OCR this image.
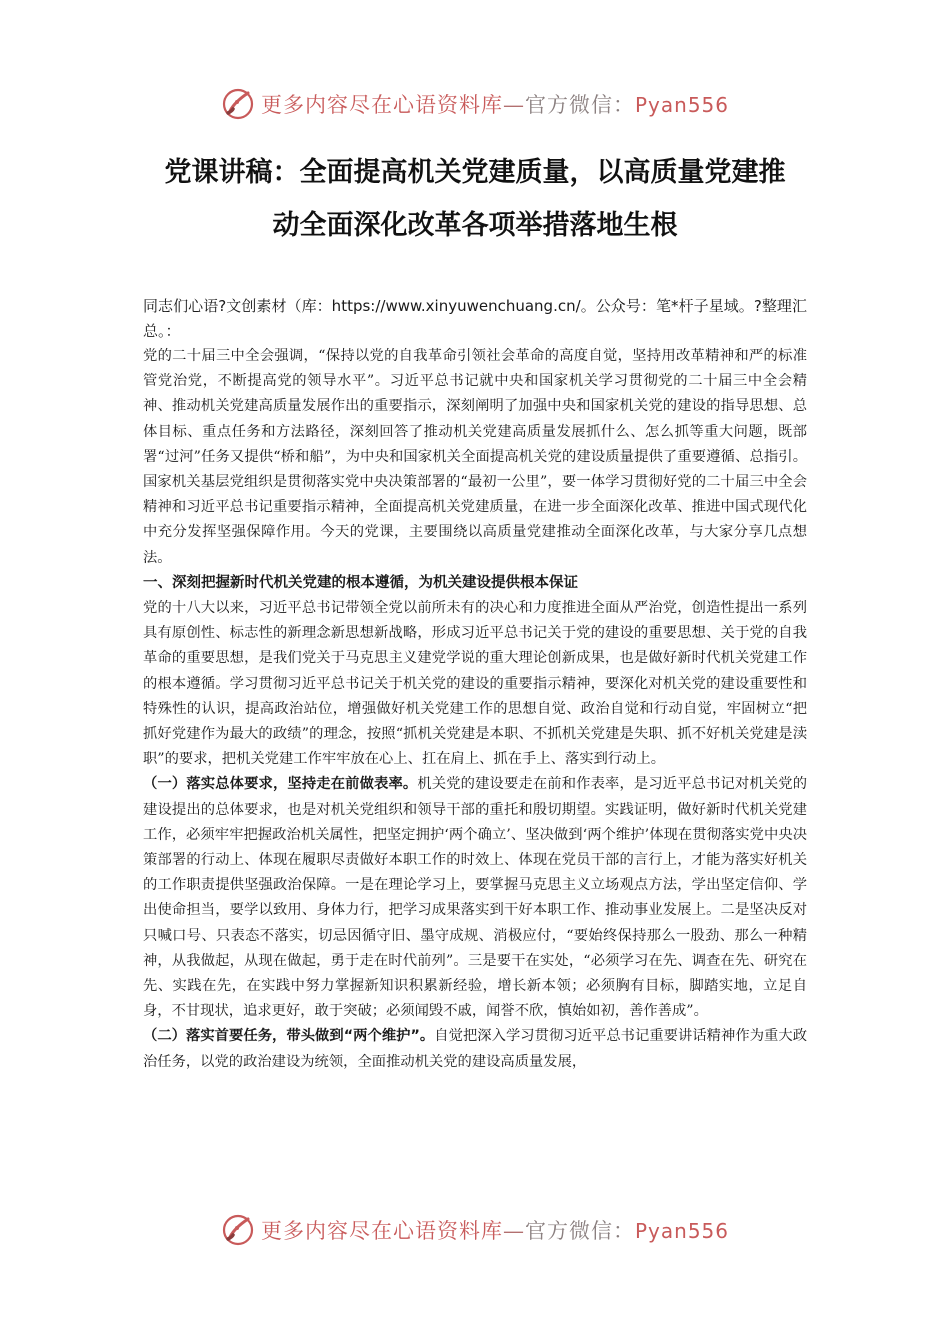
更多内容尽在心语资料库—官方微信：Pyan556
党课讲稿：全面提高机关党建质量，以高质量党建推
动全面深化改革各项举措落地生根

同志们心语?文创素材（库：https://www.xinyuwenchuang.cn/。公众号：笔*杆子星域。?整理汇总。：

党的二十届三中全会强调，“保持以党的自我革命引领社会革命的高度自觉，坚持用改革精神和严的标准管党治党，不断提高党的领导水平”。习近平总书记就中央和国家机关学习贯彻党的二十届三中全会精神、推动机关党建高质量发展作出的重要指示，深刻阐明了加强中央和国家机关党的建设的指导思想、总体目标、重点任务和方法路径，深刻回答了推动机关党建高质量发展抓什么、怎么抓等重大问题，既部署“过河”任务又提供“桥和船”，为中央和国家机关全面提高机关党的建设质量提供了重要遵循、总指引。国家机关基层党组织是贯彻落实党中央决策部署的“最初一公里”，要一体学习贯彻好党的二十届三中全会精神和习近平总书记重要指示精神，全面提高机关党建质量，在进一步全面深化改革、推进中国式现代化中充分发挥坚强保障作用。今天的党课，主要围绕以高质量党建推动全面深化改革，与大家分享几点想法。

一、深刻把握新时代机关党建的根本遵循，为机关建设提供根本保证

党的十八大以来，习近平总书记带领全党以前所未有的决心和力度推进全面从严治党，创造性提出一系列具有原创性、标志性的新理念新思想新战略，形成习近平总书记关于党的建设的重要思想、关于党的自我革命的重要思想，是我们党关于马克思主义建党学说的重大理论创新成果，也是做好新时代机关党建工作的根本遵循。学习贯彻习近平总书记关于机关党的建设的重要指示精神，要深化对机关党的建设重要性和特殊性的认识，提高政治站位，增强做好机关党建工作的思想自觉、政治自觉和行动自觉，牢固树立“把抓好党建作为最大的政绩”的理念，按照“抓机关党建是本职、不抓机关党建是失职、抓不好机关党建是渎职”的要求，把机关党建工作牢牢放在心上、扛在肩上、抓在手上、落实到行动上。

（一）落实总体要求，坚持走在前做表率。机关党的建设要走在前和作表率，是习近平总书记对机关党的建设提出的总体要求，也是对机关党组织和领导干部的重托和殷切期望。实践证明，做好新时代机关党建工作，必须牢牢把握政治机关属性，把坚定拥护‘两个确立’、坚决做到‘两个维护’体现在贯彻落实党中央决策部署的行动上、体现在履职尽责做好本职工作的时效上、体现在党员干部的言行上，才能为落实好机关的工作职责提供坚强政治保障。一是在理论学习上，要掌握马克思主义立场观点方法，学出坚定信仰、学出使命担当，要学以致用、身体力行，把学习成果落实到干好本职工作、推动事业发展上。二是坚决反对只喊口号、只表态不落实，切忌因循守旧、墨守成规、消极应付，“要始终保持那么一股劲、那么一种精神，从我做起，从现在做起，勇于走在时代前列”。三是要干在实处，“必须学习在先、调查在先、研究在先、实践在先，在实践中努力掌握新知识积累新经验，增长新本领；必须胸有目标，脚踏实地，立足自身，不甘现状，追求更好，敢于突破；必须闻毁不戚，闻誉不欣，慎始如初，善作善成”。

（二）落实首要任务，带头做到“两个维护”。自觉把深入学习贯彻习近平总书记重要讲话精神作为重大政治任务，以党的政治建设为统领，全面推动机关党的建设高质量发展，

更多内容尽在心语资料库—官方微信：Pyan556
